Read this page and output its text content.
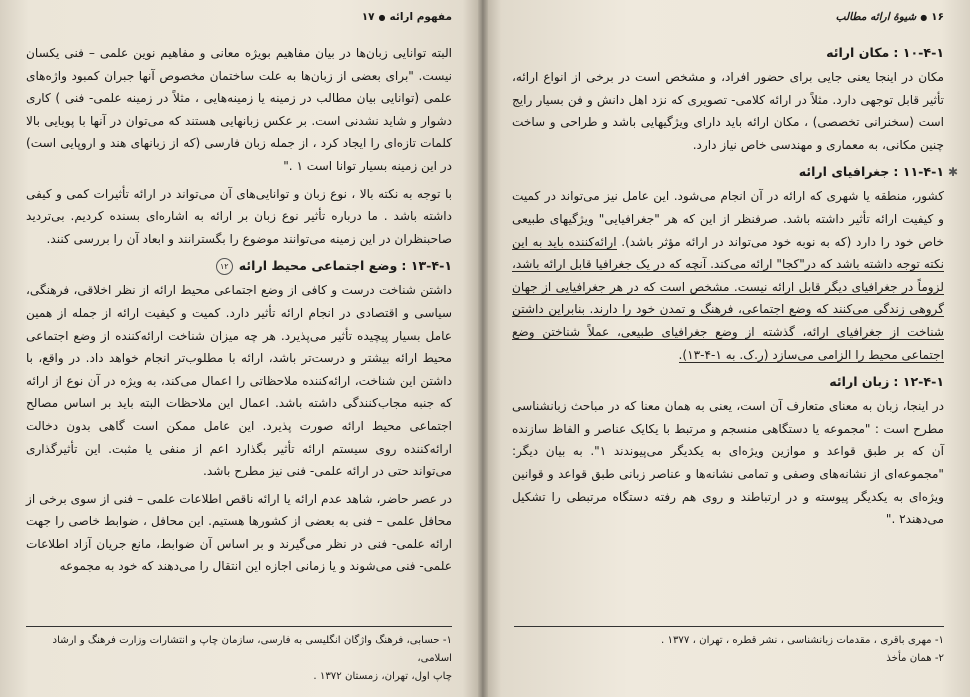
مفهوم ارائه●۱۷

البته توانایی زبان‌ها در بیان مفاهیم بویژه معانی و مفاهیم نوین علمی – فنی یکسان نیست. "برای بعضی از زبان‌ها به علت ساختمان مخصوص آنها جبران کمبود واژه‌های علمی (توانایی بیان مطالب در زمینه یا زمینه‌هایی ، مثلاً در زمینه علمی- فنی ) کاری دشوار و شاید نشدنی است. بر عکس زبانهایی هستند که می‌توان در آنها با پویایی بالا کلمات تازه‌ای را ایجاد کرد ، از جمله زبان فارسی (که از زبانهای هند و اروپایی است) در این زمینه بسیار توانا است ١ ."

با توجه به نکته بالا ، نوع زبان و توانایی‌های آن می‌تواند در ارائه تأثیرات کمی و کیفی داشته باشد . ما درباره تأثیر نوع زبان بر ارائه به اشاره‌ای بسنده کردیم. بی‌تردید صاحبنظران در این زمینه می‌توانند موضوع را بگسترانند و ابعاد آن را بررسی کنند.

١-۴-١٣ :وضع اجتماعی محیط ارائه١٢

داشتن شناخت درست و کافی از وضع اجتماعی محیط ارائه از نظر اخلاقی، فرهنگی، سیاسی و اقتصادی در انجام ارائه تأثیر دارد. کمیت و کیفیت ارائه از جمله از همین عامل بسیار پیچیده تأثیر می‌پذیرد. هر چه میزان شناخت ارائه‌کننده از وضع اجتماعی محیط ارائه بیشتر و درست‌تر باشد، ارائه با مطلوب‌تر انجام خواهد داد. در واقع، با داشتن این شناخت، ارائه‌کننده ملاحظاتی را اعمال می‌کند، به ویژه در آن نوع از ارائه که جنبه مجاب‌کنندگی داشته باشد. اعمال این ملاحظات البته باید بر اساس مصالح اجتماعی محیط ارائه صورت پذیرد. این عامل ممکن است گاهی بدون دخالت ارائه‌کننده روی سیستم ارائه تأثیر بگذارد اعم از منفی یا مثبت. این تأثیرگذاری می‌تواند حتی در ارائه علمی- فنی نیز مطرح باشد.

در عصر حاضر، شاهد عدم ارائه یا ارائه ناقص اطلاعات علمی – فنی از سوی برخی از محافل علمی – فنی به بعضی از کشورها هستیم. این محافل ، ضوابط خاصی را جهت ارائه علمی- فنی در نظر می‌گیرند و بر اساس آن ضوابط، مانع جریان آزاد اطلاعات علمی- فنی می‌شوند و یا زمانی اجازه این انتقال را می‌دهند که خود به مجموعه

١- حسابی، فرهنگ واژگان انگلیسی به فارسی، سازمان چاپ و انتشارات وزارت فرهنگ و ارشاد اسلامی،
چاپ اول، تهران، زمستان ١٣٧٢ .
۱۶●شیوهٔ ارائه مطالب
١-۴-١٠ :مکان ارائه

مکان در اینجا یعنی جایی برای حضور افراد، و مشخص است در برخی از انواع ارائه، تأثیر قابل توجهی دارد. مثلاً در ارائه کلامی- تصویری که نزد اهل دانش و فن بسیار رایج است (سخنرانی تخصصی) ، مکان ارائه باید دارای ویژگیهایی باشد و طراحی و ساخت چنین مکانی، به معماری و مهندسی خاص نیاز دارد.

✱
١-۴-١١ :جغرافیای ارائه

کشور، منطقه یا شهری که ارائه در آن انجام می‌شود. این عامل نیز می‌تواند در کمیت و کیفیت ارائه تأثیر داشته باشد. صرفنظر از این که هر "جغرافیایی" ویژگیهای طبیعی خاص خود را دارد (که به نوبه خود می‌تواند در ارائه مؤثر باشد). ارائه‌کننده باید به این نکته توجه داشته باشد که در"کجا" ارائه می‌کند. آنچه که در یک جغرافیا قابل ارائه باشد، لزوماً در جغرافیای دیگر قابل ارائه نیست. مشخص است که در هر جغرافیایی از جهان گروهی زندگی می‌کنند که وضع اجتماعی، فرهنگ و تمدن خود را دارند. بنابراین داشتن شناخت از جغرافیای ارائه، گذشته از وضع جغرافیای طبیعی، عملاً شناختن وضع اجتماعی محیط را الزامی می‌سازد (ر.ک. به ١-۴-١٣).

١-۴-١٢ :زبان ارائه

در اینجا، زبان به معنای متعارف آن است، یعنی به همان معنا که در مباحث زبانشناسی مطرح است : "مجموعه یا دستگاهی منسجم و مرتبط با یکایک عناصر و الفاظ سازنده آن که بر طبق قواعد و موازین ویژه‌ای به یکدیگر می‌پیوندند ١". به بیان دیگر: "مجموعه‌ای از نشانه‌های وصفی و تمامی نشانه‌ها و عناصر زبانی طبق قواعد و قوانین ویژه‌ای به یکدیگر پیوسته و در ارتباطند و روی هم رفته دستگاه مرتبطی را تشکیل می‌دهند٢ ."

١- مهری باقری ، مقدمات زبانشناسی ، نشر قطره ، تهران ، ١٣٧٧ .
٢- همان مأخذ
